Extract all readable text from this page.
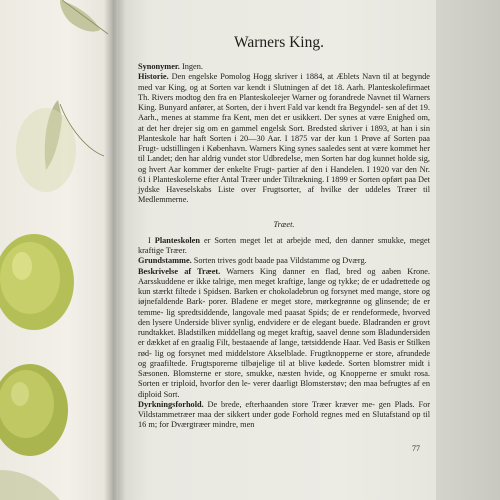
Warners King.

Synonymer. Ingen.

Historie. Den engelske Pomolog Hogg skriver i 1884, at Æblets Navn til at begynde med var King, og at Sorten var kendt i Slutningen af det 18. Aarh. Planteskolefirmaet Th. Rivers modtog den fra en Planteskoleejer Warner og forandrede Navnet til Warners King. Bunyard anfører, at Sorten, der i hvert Fald var kendt fra Begyndel- sen af det 19. Aarh., menes at stamme fra Kent, men det er usikkert. Der synes at være Enighed om, at det her drejer sig om en gammel engelsk Sort. Bredsted skriver i 1893, at han i sin Planteskole har haft Sorten i 20—30 Aar. I 1875 var der kun 1 Prøve af Sorten paa Frugt- udstillingen i København. Warners King synes saaledes sent at være kommet her til Landet; den har aldrig vundet stor Udbredelse, men Sorten har dog kunnet holde sig, og hvert Aar kommer der enkelte Frugt- partier af den i Handelen. I 1920 var den Nr. 61 i Planteskolerne efter Antal Træer under Tiltrækning. I 1899 er Sorten opført paa Det jydske Haveselskabs Liste over Frugtsorter, af hvilke der uddeles Træer til Medlemmerne.

Træet.

I Planteskolen er Sorten meget let at arbejde med, den danner smukke, meget kraftige Træer.

Grundstamme. Sorten trives godt baade paa Vildstamme og Dværg.

Beskrivelse af Træet. Warners King danner en flad, bred og aaben Krone. Aarsskuddene er ikke talrige, men meget kraftige, lange og tykke; de er udadrettede og kun stærkt filtede i Spidsen. Barken er chokoladebrun og forsynet med mange, store og iøjnefaldende Bark- porer. Bladene er meget store, mørkegrønne og glinsende; de er temme- lig spredtsiddende, langovale med paasat Spids; de er rendeformede, hvorved den lysere Underside bliver synlig, endvidere er de elegant buede. Bladranden er grovt rundtakket. Bladstilken middellang og meget kraftig, saavel denne som Bladundersiden er dækket af en graalig Filt, bestaaende af lange, tætsiddende Haar. Ved Basis er Stilken rød- lig og forsynet med middelstore Akselblade. Frugtknopperne er store, afrundede og graafiltede. Frugtsporerne tilbøjelige til at blive kødede. Sorten blomstrer midt i Sæsonen. Blomsterne er store, smukke, næsten hvide, og Knopperne er smukt rosa. Sorten er triploid, hvorfor den le- verer daarligt Blomsterstøv; den maa befrugtes af en diploid Sort.

Dyrkningsforhold. De brede, efterhaanden store Træer kræver me- gen Plads. For Vildstammetræer maa der sikkert under gode Forhold regnes med en Slutafstand op til 16 m; for Dværgtræer mindre, men

77
